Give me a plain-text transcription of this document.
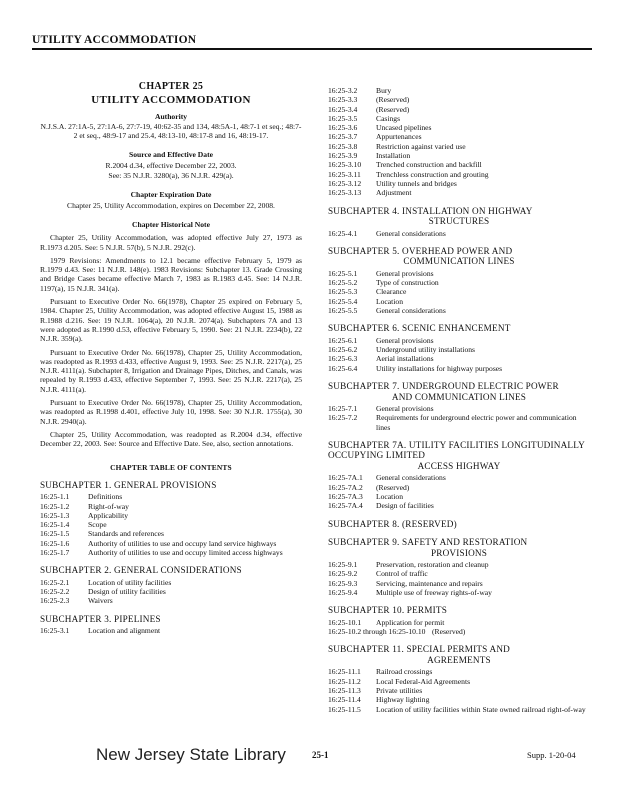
UTILITY ACCOMMODATION
CHAPTER 25
UTILITY ACCOMMODATION
Authority
N.J.S.A. 27:1A-5, 27:1A-6, 27:7-19, 40:62-35 and 134, 48:5A-1, 48:7-1 et seq.; 48:7-2 et seq., 48:9-17 and 25.4, 48:13-10, 48:17-8 and 16, 48:19-17.
Source and Effective Date
R.2004 d.34, effective December 22, 2003.
See: 35 N.J.R. 3280(a), 36 N.J.R. 429(a).
Chapter Expiration Date
Chapter 25, Utility Accommodation, expires on December 22, 2008.
Chapter Historical Note
Chapter 25, Utility Accommodation, was adopted effective July 27, 1973 as R.1973 d.205. See: 5 N.J.R. 57(b), 5 N.J.R. 292(c).
1979 Revisions: Amendments to 12.1 became effective February 5, 1979 as R.1979 d.43. See: 11 N.J.R. 148(e). 1983 Revisions: Subchapter 13. Grade Crossing and Bridge Cases became effective March 7, 1983 as R.1983 d.45. See: 14 N.J.R. 1197(a), 15 N.J.R. 341(a).
Pursuant to Executive Order No. 66(1978), Chapter 25 expired on February 5, 1984. Chapter 25, Utility Accommodation, was adopted effective August 15, 1988 as R.1988 d.216. See: 19 N.J.R. 1064(a), 20 N.J.R. 2074(a). Subchapters 7A and 13 were adopted as R.1990 d.53, effective February 5, 1990. See: 21 N.J.R. 2234(b), 22 N.J.R. 359(a).
Pursuant to Executive Order No. 66(1978), Chapter 25, Utility Accommodation, was readopted as R.1993 d.433, effective August 9, 1993. See: 25 N.J.R. 2217(a), 25 N.J.R. 4111(a). Subchapter 8, Irrigation and Drainage Pipes, Ditches, and Canals, was repealed by R.1993 d.433, effective September 7, 1993. See: 25 N.J.R. 2217(a), 25 N.J.R. 4111(a).
Pursuant to Executive Order No. 66(1978), Chapter 25, Utility Accommodation, was readopted as R.1998 d.401, effective July 10, 1998. See: 30 N.J.R. 1755(a), 30 N.J.R. 2940(a).
Chapter 25, Utility Accommodation, was readopted as R.2004 d.34, effective December 22, 2003. See: Source and Effective Date. See, also, section annotations.
CHAPTER TABLE OF CONTENTS
SUBCHAPTER 1. GENERAL PROVISIONS
16:25-1.1	Definitions
16:25-1.2	Right-of-way
16:25-1.3	Applicability
16:25-1.4	Scope
16:25-1.5	Standards and references
16:25-1.6	Authority of utilities to use and occupy land service highways
16:25-1.7	Authority of utilities to use and occupy limited access highways
SUBCHAPTER 2. GENERAL CONSIDERATIONS
16:25-2.1	Location of utility facilities
16:25-2.2	Design of utility facilities
16:25-2.3	Waivers
SUBCHAPTER 3. PIPELINES
16:25-3.1	Location and alignment
16:25-3.2	Bury
16:25-3.3	(Reserved)
16:25-3.4	(Reserved)
16:25-3.5	Casings
16:25-3.6	Uncased pipelines
16:25-3.7	Appurtenances
16:25-3.8	Restriction against varied use
16:25-3.9	Installation
16:25-3.10	Trenched construction and backfill
16:25-3.11	Trenchless construction and grouting
16:25-3.12	Utility tunnels and bridges
16:25-3.13	Adjustment
SUBCHAPTER 4. INSTALLATION ON HIGHWAY
STRUCTURES
16:25-4.1	General considerations
SUBCHAPTER 5. OVERHEAD POWER AND
COMMUNICATION LINES
16:25-5.1	General provisions
16:25-5.2	Type of construction
16:25-5.3	Clearance
16:25-5.4	Location
16:25-5.5	General considerations
SUBCHAPTER 6. SCENIC ENHANCEMENT
16:25-6.1	General provisions
16:25-6.2	Underground utility installations
16:25-6.3	Aerial installations
16:25-6.4	Utility installations for highway purposes
SUBCHAPTER 7. UNDERGROUND ELECTRIC POWER
AND COMMUNICATION LINES
16:25-7.1	General provisions
16:25-7.2	Requirements for underground electric power and communication lines
SUBCHAPTER 7A. UTILITY FACILITIES LONGITUDINALLY OCCUPYING LIMITED
ACCESS HIGHWAY
16:25-7A.1	General considerations
16:25-7A.2	(Reserved)
16:25-7A.3	Location
16:25-7A.4	Design of facilities
SUBCHAPTER 8. (RESERVED)
SUBCHAPTER 9. SAFETY AND RESTORATION
PROVISIONS
16:25-9.1	Preservation, restoration and cleanup
16:25-9.2	Control of traffic
16:25-9.3	Servicing, maintenance and repairs
16:25-9.4	Multiple use of freeway rights-of-way
SUBCHAPTER 10. PERMITS
16:25-10.1	Application for permit
16:25-10.2 through 16:25-10.10 (Reserved)
SUBCHAPTER 11. SPECIAL PERMITS AND
AGREEMENTS
16:25-11.1	Railroad crossings
16:25-11.2	Local Federal-Aid Agreements
16:25-11.3	Private utilities
16:25-11.4	Highway lighting
16:25-11.5	Location of utility facilities within State owned railroad right-of-way
New Jersey State Library	25-1	Supp. 1-20-04
